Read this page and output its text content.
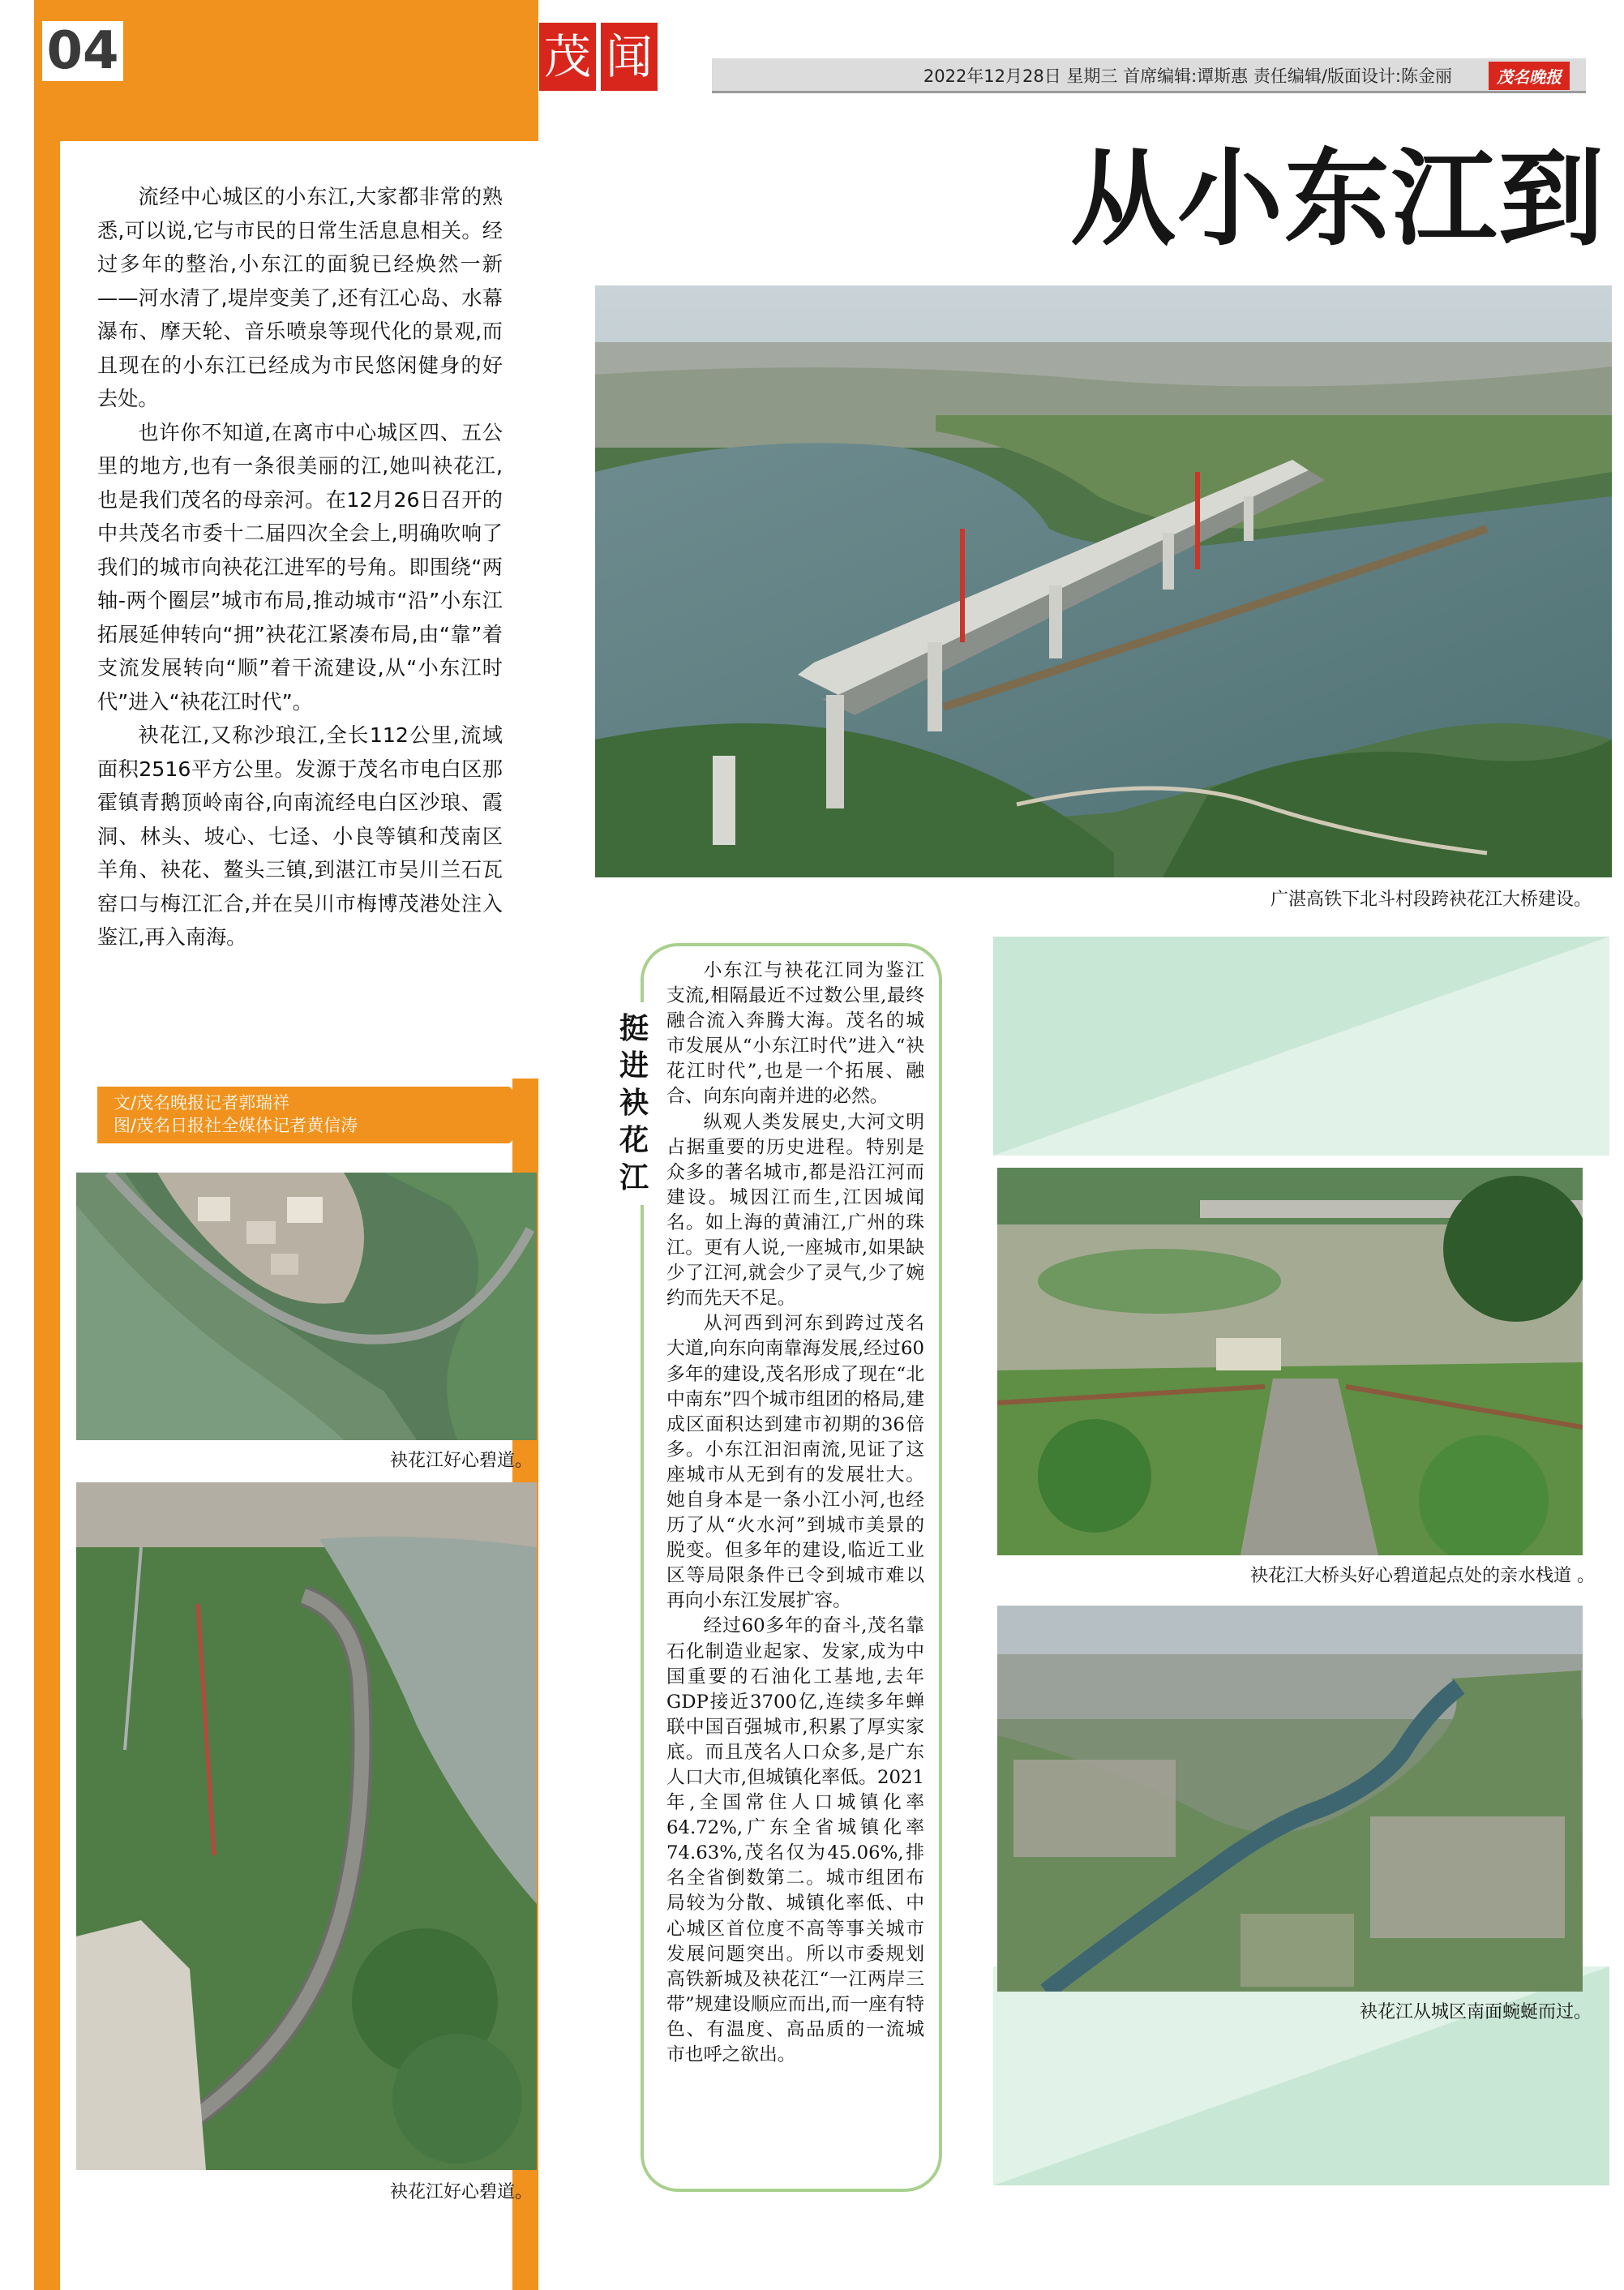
04	茂 闻	2022年12月28日 星期三 首席编辑:谭斯惠 责任编辑/版面设计:陈金丽	茂名晚报
从小东江到

流经中心城区的小东江,大家都非常的熟悉,可以说,它与市民的日常生活息息相关。经过多年的整治,小东江的面貌已经焕然一新——河水清了,堤岸变美了,还有江心岛、水幕瀑布、摩天轮、音乐喷泉等现代化的景观,而且现在的小东江已经成为市民悠闲健身的好去处。

也许你不知道,在离市中心城区四、五公里的地方,也有一条很美丽的江,她叫袂花江,也是我们茂名的母亲河。在12月26日召开的中共茂名市委十二届四次全会上,明确吹响了我们的城市向袂花江进军的号角。即围绕“两轴-两个圈层”城市布局,推动城市“沿”小东江拓展延伸转向“拥”袂花江紧凑布局,由“靠”着支流发展转向“顺”着干流建设,从“小东江时代”进入“袂花江时代”。

袂花江,又称沙琅江,全长112公里,流域面积2516平方公里。发源于茂名市电白区那霍镇青鹅顶岭南谷,向南流经电白区沙琅、霞洞、林头、坡心、七迳、小良等镇和茂南区羊角、袂花、鳌头三镇,到湛江市吴川兰石瓦窑口与梅江汇合,并在吴川市梅博茂港处注入鉴江,再入南海。

文/茂名晚报记者郭瑞祥
图/茂名日报社全媒体记者黄信涛
广湛高铁下北斗村段跨袂花江大桥建设。
袂花江好心碧道。
袂花江好心碧道。
袂花江大桥头好心碧道起点处的亲水栈道 。
袂花江从城区南面蜿蜒而过。
挺
进
袂
花
江

小东江与袂花江同为鉴江支流,相隔最近不过数公里,最终融合流入奔腾大海。茂名的城市发展从“小东江时代”进入“袂花江时代”,也是一个拓展、融合、向东向南并进的必然。

纵观人类发展史,大河文明占据重要的历史进程。特别是众多的著名城市,都是沿江河而建设。城因江而生,江因城闻名。如上海的黄浦江,广州的珠江。更有人说,一座城市,如果缺少了江河,就会少了灵气,少了婉约而先天不足。

从河西到河东到跨过茂名大道,向东向南靠海发展,经过60多年的建设,茂名形成了现在“北中南东”四个城市组团的格局,建成区面积达到建市初期的36倍多。小东江汩汩南流,见证了这座城市从无到有的发展壮大。她自身本是一条小江小河,也经历了从“火水河”到城市美景的脱变。但多年的建设,临近工业区等局限条件已令到城市难以再向小东江发展扩容。

经过60多年的奋斗,茂名靠石化制造业起家、发家,成为中国重要的石油化工基地,去年GDP接近3700亿,连续多年蝉联中国百强城市,积累了厚实家底。而且茂名人口众多,是广东人口大市,但城镇化率低。2021年,全国常住人口城镇化率64.72%,广东全省城镇化率74.63%,茂名仅为45.06%,排名全省倒数第二。城市组团布局较为分散、城镇化率低、中心城区首位度不高等事关城市发展问题突出。所以市委规划高铁新城及袂花江“一江两岸三带”规建设顺应而出,而一座有特色、有温度、高品质的一流城市也呼之欲出。
